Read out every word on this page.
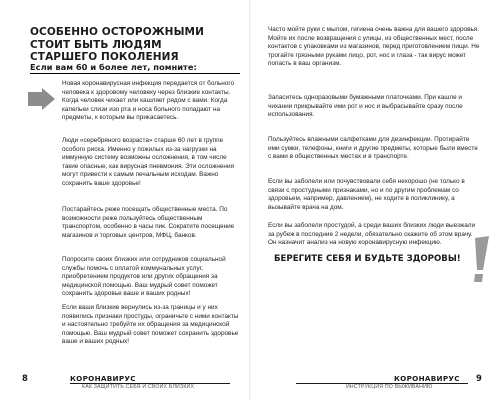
ОСОБЕННО ОСТОРОЖНЫМИ
СТОИТ БЫТЬ ЛЮДЯМ
СТАРШЕГО ПОКОЛЕНИЯ
Если вам 60 и более лет, помните:

Новая коронавирусная инфекция передается от больного человека к здоровому человеку через близкие контакты. Когда человек чихает или кашляет рядом с вами. Когда капельки слизи изо рта и носа больного попадают на предметы, к которым вы прикасаетесь.

Люди «серебряного возраста» старше 60 лет в группе особого риска. Именно у пожилых из-за нагрузки на иммунную систему возможны осложнения, в том числе такие опасные, как вирусная пневмония. Эти осложнения могут привести к самым печальным исходам. Важно сохранить ваше здоровье!

Постарайтесь реже посещать общественные места. По возможности реже пользуйтесь общественным транспортом, особенно в часы пик. Сократите посещение магазинов и торговых центров, МФЦ, банков.

Попросите своих близких или сотрудников социальной службы помочь с оплатой коммунальных услуг, приобретением продуктов или других обращения за медицинской помощью. Ваш мудрый совет поможет сохранить здоровье ваше и ваших родных!

Если ваши близкие вернулись из-за границы и у них появились признаки простуды, ограничьте с ними контакты и настоятельно требуйте их обращения за медицинской помощью. Ваш мудрый совет поможет сохранить здоровье ваше и ваших родных!

8	КОРОНАВИРУС
КАК ЗАЩИТИТЬ СЕБЯ И СВОИХ БЛИЗКИХ

Часто мойте руки с мылом, гигиена очень важна для вашего здоровья. Мойте их после возвращения с улицы, из общественных мест, после контактов с упаковками из магазинов, перед приготовлением пищи. Не трогайте грязными руками лицо, рот, нос и глаза - так вирус может попасть в ваш организм.

Запаситесь одноразовыми бумажными платочками. При кашле и чихании прикрывайте ими рот и нос и выбрасывайте сразу после использования.

Пользуйтесь влажными салфетками для дезинфекции. Протирайте ими сумки, телефоны, книги и другие предметы, которые были вместе с вами в общественных местах и в транспорте.

Если вы заболели или почувствовали себя нехорошо (не только в связи с простудными признаками, но и по другим проблемам со здоровьем, например, давлением), не ходите в поликлинику, а вызывайте врача на дом.

Если вы заболели простудой, а среди ваших близких люди выезжали за рубеж в последние 2 недели, обязательно скажите об этом врачу. Он назначит анализ на новую коронавирусную инфекцию.

БЕРЕГИТЕ СЕБЯ И БУДЬТЕ ЗДОРОВЫ!
КОРОНАВИРУС 9
ИНСТРУКЦИЯ ПО ВЫЖИВАНИЮ
